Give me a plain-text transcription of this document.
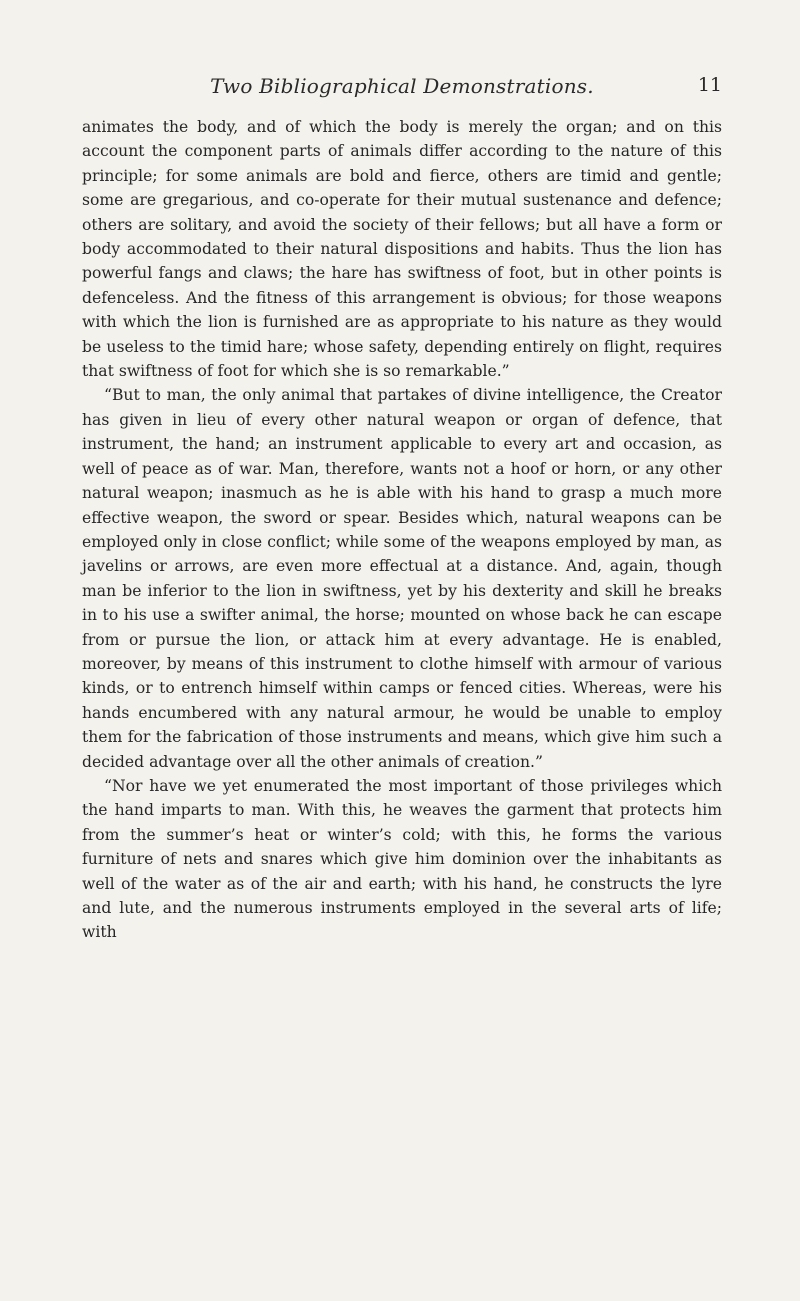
Two Bibliographical Demonstrations.	11

animates the body, and of which the body is merely the organ; and on this account the component parts of animals differ according to the nature of this principle; for some animals are bold and fierce, others are timid and gentle; some are gregarious, and co-operate for their mutual sustenance and defence; others are solitary, and avoid the society of their fellows; but all have a form or body accommodated to their natural dispositions and habits. Thus the lion has powerful fangs and claws; the hare has swiftness of foot, but in other points is defenceless. And the fitness of this arrangement is obvious; for those weapons with which the lion is furnished are as appropriate to his nature as they would be useless to the timid hare; whose safety, depending entirely on flight, requires that swiftness of foot for which she is so remarkable.”

“But to man, the only animal that partakes of divine intelligence, the Creator has given in lieu of every other natural weapon or organ of defence, that instrument, the hand; an instrument applicable to every art and occasion, as well of peace as of war. Man, therefore, wants not a hoof or horn, or any other natural weapon; inasmuch as he is able with his hand to grasp a much more effective weapon, the sword or spear. Besides which, natural weapons can be employed only in close conflict; while some of the weapons employed by man, as javelins or arrows, are even more effectual at a distance. And, again, though man be inferior to the lion in swiftness, yet by his dexterity and skill he breaks in to his use a swifter animal, the horse; mounted on whose back he can escape from or pursue the lion, or attack him at every advantage. He is enabled, moreover, by means of this instrument to clothe himself with armour of various kinds, or to entrench himself within camps or fenced cities. Whereas, were his hands encumbered with any natural armour, he would be unable to employ them for the fabrication of those instruments and means, which give him such a decided advantage over all the other animals of creation.”

“Nor have we yet enumerated the most important of those privileges which the hand imparts to man. With this, he weaves the garment that protects him from the summer’s heat or winter’s cold; with this, he forms the various furniture of nets and snares which give him dominion over the inhabitants as well of the water as of the air and earth; with his hand, he constructs the lyre and lute, and the numerous instruments employed in the several arts of life; with
